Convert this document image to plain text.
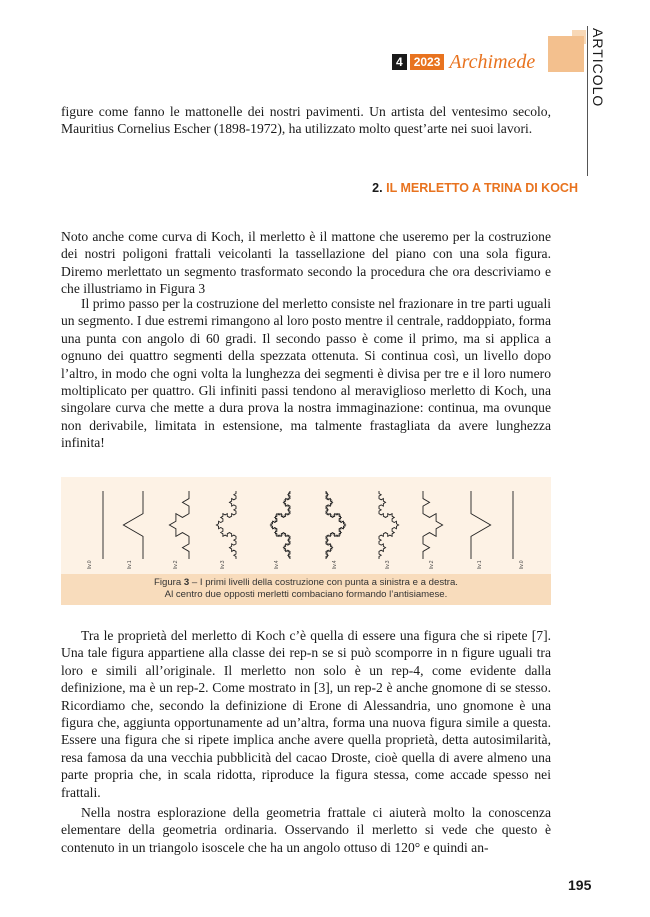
4 2023 Archimede	ARTICOLO

figure come fanno le mattonelle dei nostri pavimenti. Un artista del ventesimo secolo, Mauritius Cornelius Escher (1898-1972), ha utilizzato molto quest’arte nei suoi lavori.

2. IL MERLETTO A TRINA DI KOCH

Noto anche come curva di Koch, il merletto è il mattone che useremo per la costruzione dei nostri poligoni frattali veicolanti la tassellazione del piano con una sola figura. Diremo merlettato un segmento trasformato secondo la procedura che ora descriviamo e che illustriamo in Figura 3

Il primo passo per la costruzione del merletto consiste nel frazionare in tre parti uguali un segmento. I due estremi rimangono al loro posto mentre il centrale, raddoppiato, forma una punta con angolo di 60 gradi. Il secondo passo è come il primo, ma si applica a ognuno dei quattro segmenti della spezzata ottenuta. Si continua così, un livello dopo l’altro, in modo che ogni volta la lunghezza dei segmenti è divisa per tre e il loro numero moltiplicato per quattro. Gli infiniti passi tendono al meraviglioso merletto di Koch, una singolare curva che mette a dura prova la nostra immaginazione: continua, ma ovunque non derivabile, limitata in estensione, ma talmente frastagliata da avere lunghezza infinita!

liv.0	liv.1	liv.2	liv.3	liv.4	liv.4	liv.3	liv.2	liv.1	liv.0
Figura 3 – I primi livelli della costruzione con punta a sinistra e a destra.
Al centro due opposti merletti combaciano formando l’antisiamese.

Tra le proprietà del merletto di Koch c’è quella di essere una figura che si ripete [7]. Una tale figura appartiene alla classe dei rep-n se si può scomporre in n figure uguali tra loro e simili all’originale. Il merletto non solo è un rep-4, come evidente dalla definizione, ma è un rep-2. Come mostrato in [3], un rep-2 è anche gnomone di se stesso. Ricordiamo che, secondo la definizione di Erone di Alessandria, uno gnomone è una figura che, aggiunta opportunamente ad un’altra, forma una nuova figura simile a questa. Essere una figura che si ripete implica anche avere quella proprietà, detta autosimilarità, resa famosa da una vecchia pubblicità del cacao Droste, cioè quella di avere almeno una parte propria che, in scala ridotta, riproduce la figura stessa, come accade spesso nei frattali.

Nella nostra esplorazione della geometria frattale ci aiuterà molto la conoscenza elementare della geometria ordinaria. Osservando il merletto si vede che questo è contenuto in un triangolo isoscele che ha un angolo ottuso di 120° e quindi an-

195
